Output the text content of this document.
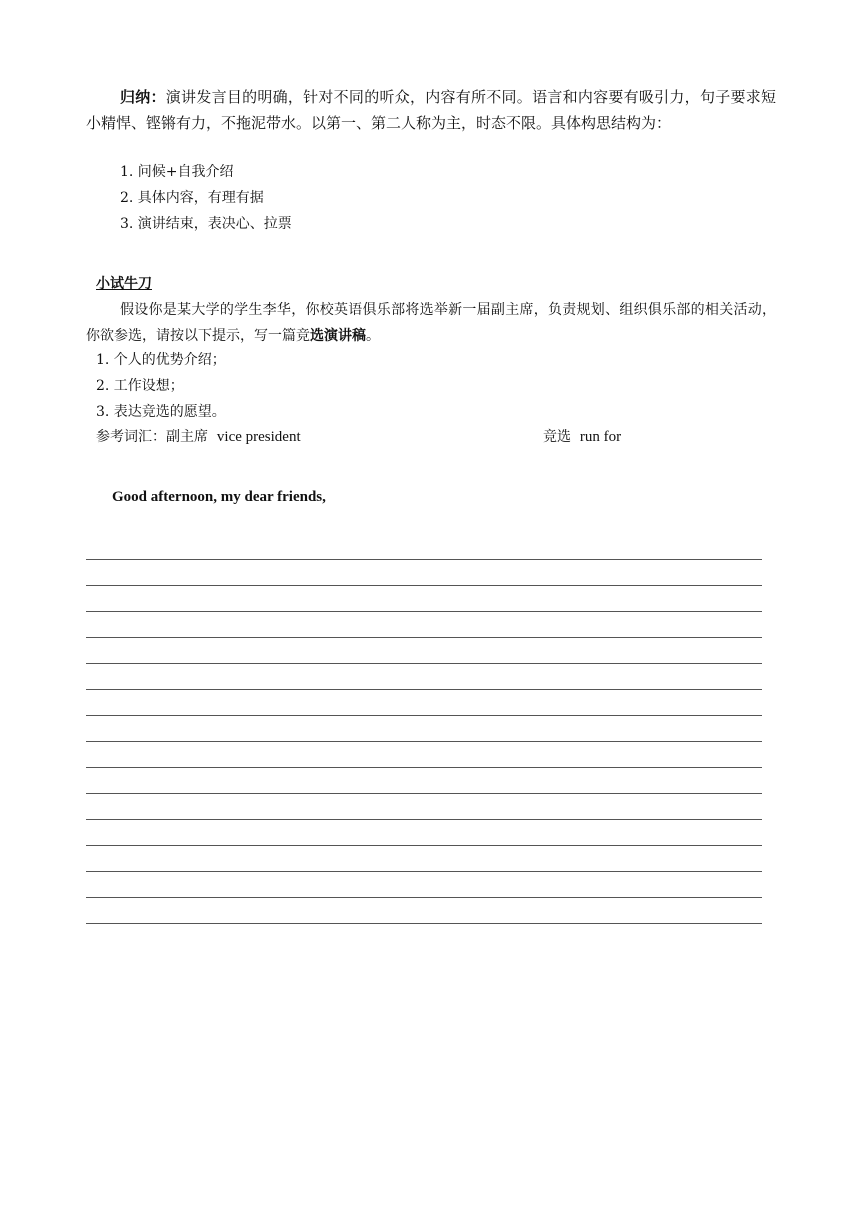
归纳：演讲发言目的明确，针对不同的听众，内容有所不同。语言和内容要有吸引力，句子要求短小精悍、铿锵有力，不拖泥带水。以第一、第二人称为主，时态不限。具体构思结构为：
1. 问候+自我介绍
2. 具体内容，有理有据
3. 演讲结束，表决心、拉票
小试牛刀
假设你是某大学的学生李华，你校英语俱乐部将选举新一届副主席，负责规划、组织俱乐部的相关活动，你欲参选，请按以下提示，写一篇竞选演讲稿。
1. 个人的优势介绍；
2. 工作设想；
3. 表达竞选的愿望。
参考词汇：副主席 vice president	竞选 run for
Good afternoon, my dear friends,
